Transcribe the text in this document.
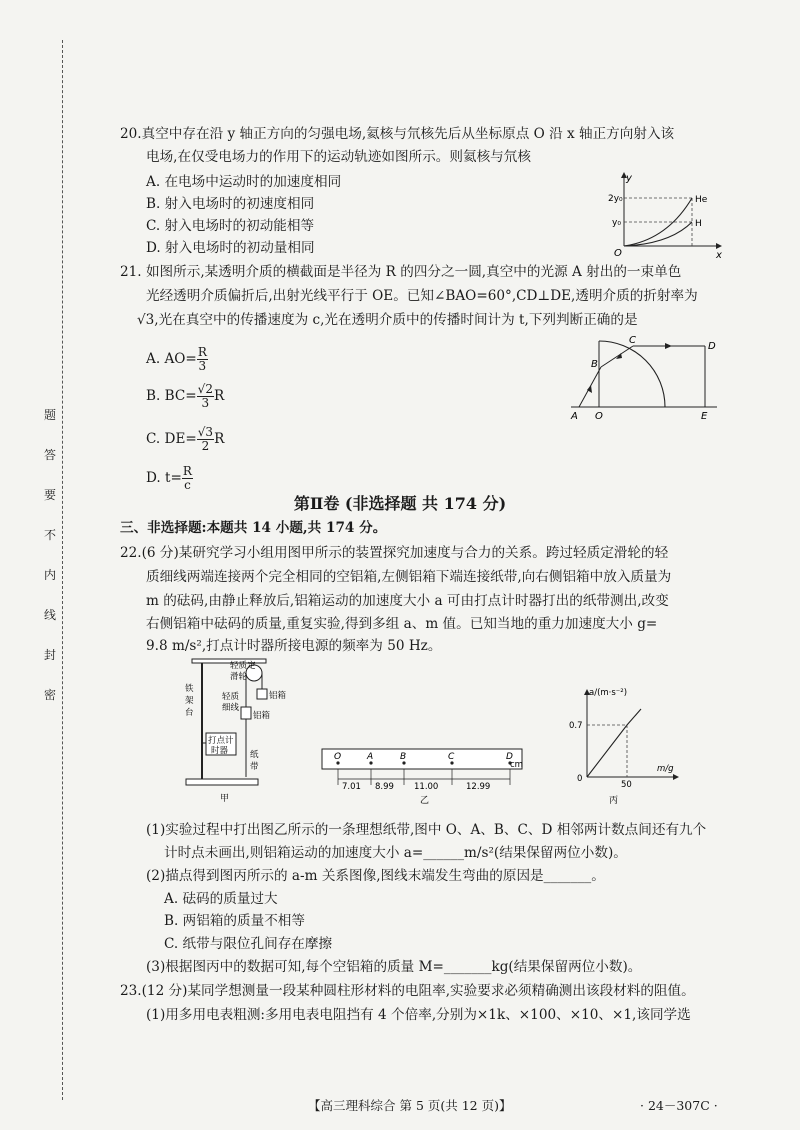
题
答
要
不
内
线
封
密
20.真空中存在沿 y 轴正方向的匀强电场,氦核与氘核先后从坐标原点 O 沿 x 轴正方向射入该
电场,在仅受电场力的作用下的运动轨迹如图所示。则氦核与氘核
A. 在电场中运动时的加速度相同
B. 射入电场时的初速度相同
C. 射入电场时的初动能相等
D. 射入电场时的初动量相同
y
x
O
2y₀
y₀
He
H
21. 如图所示,某透明介质的横截面是半径为 R 的四分之一圆,真空中的光源 A 射出的一束单色
光经透明介质偏折后,出射光线平行于 OE。已知∠BAO=60°,CD⊥DE,透明介质的折射率为
√3,光在真空中的传播速度为 c,光在透明介质中的传播时间计为 t,下列判断正确的是
A. $AO= \frac{R}{3}$
B. $BC= \frac{√2}{3}$ R
C. $DE= \frac{√3}{2}$ R
D. $t= \frac{R}{c}$
A O
B
C
D
E
第Ⅱ卷 (非选择题 共 174 分)
三、非选择题:本题共 14 小题,共 174 分。
22.(6 分)某研究学习小组用图甲所示的装置探究加速度与合力的关系。跨过轻质定滑轮的轻
质细线两端连接两个完全相同的空铝箱,左侧铝箱下端连接纸带,向右侧铝箱中放入质量为
m 的砝码,由静止释放后,铝箱运动的加速度大小 a 可由打点计时器打出的纸带测出,改变
右侧铝箱中砝码的质量,重复实验,得到多组 a、m 值。已知当地的重力加速度大小 g=
9.8 m/s²,打点计时器所接电源的频率为 50 Hz。
轻质定
滑轮
铁
架
台
轻质
细线
铝箱
铝箱
打点计
时器	纸
带
甲
7.01 8.99 11.00	12.99
O	A	B	C	D
cm
乙
a/(m·s⁻²)
m/g
0.7
50
0
丙
(1)实验过程中打出图乙所示的一条理想纸带,图中 O、A、B、C、D 相邻两计数点间还有九个
计时点未画出,则铝箱运动的加速度大小 a=______m/s²(结果保留两位小数)。
(2)描点得到图丙所示的 a-m 关系图像,图线末端发生弯曲的原因是_______。
A. 砝码的质量过大
B. 两铝箱的质量不相等
C. 纸带与限位孔间存在摩擦
(3)根据图丙中的数据可知,每个空铝箱的质量 M=_______kg(结果保留两位小数)。
23.(12 分)某同学想测量一段某种圆柱形材料的电阻率,实验要求必须精确测出该段材料的阻值。
(1)用多用电表粗测:多用电表电阻挡有 4 个倍率,分别为×1k、×100、×10、×1,该同学选
【高三理科综合 第 5 页(共 12 页)】	· 24－307C ·
